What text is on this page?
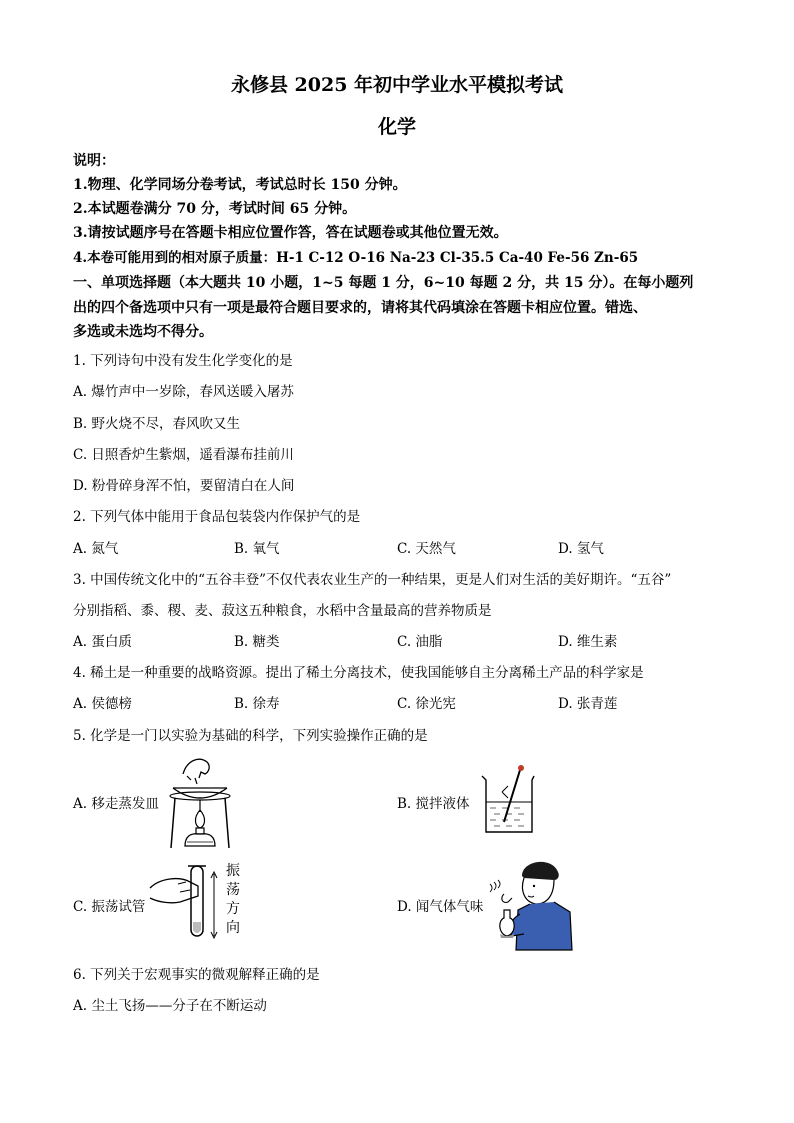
永修县 2025 年初中学业水平模拟考试
化学
说明：
1.物理、化学同场分卷考试，考试总时长 150 分钟。
2.本试题卷满分 70 分，考试时间 65 分钟。
3.请按试题序号在答题卡相应位置作答，答在试题卷或其他位置无效。
4.本卷可能用到的相对原子质量：H-1 C-12 O-16 Na-23 Cl-35.5 Ca-40 Fe-56 Zn-65
一、单项选择题（本大题共 10 小题，1~5 每题 1 分，6~10 每题 2 分，共 15 分）。在每小题列
出的四个备选项中只有一项是最符合题目要求的，请将其代码填涂在答题卡相应位置。错选、
多选或未选均不得分。
1. 下列诗句中没有发生化学变化的是
A. 爆竹声中一岁除，春风送暖入屠苏
B. 野火烧不尽，春风吹又生
C. 日照香炉生紫烟，遥看瀑布挂前川
D. 粉骨碎身浑不怕，要留清白在人间
2. 下列气体中能用于食品包装袋内作保护气的是
A. 氮气	B. 氧气	C. 天然气	D. 氢气
3. 中国传统文化中的“五谷丰登”不仅代表农业生产的一种结果，更是人们对生活的美好期许。“五谷”
分别指稻、黍、稷、麦、菽这五种粮食，水稻中含量最高的营养物质是
A. 蛋白质	B. 糖类	C. 油脂	D. 维生素
4. 稀土是一种重要的战略资源。提出了稀土分离技术，使我国能够自主分离稀土产品的科学家是
A. 侯德榜	B. 徐寿	C. 徐光宪	D. 张青莲
5. 化学是一门以实验为基础的科学，下列实验操作正确的是
A. 移走蒸发皿	B. 搅拌液体
C. 振荡试管	D. 闻气体气味
振荡方向
6. 下列关于宏观事实的微观解释正确的是
A. 尘土飞扬——分子在不断运动
